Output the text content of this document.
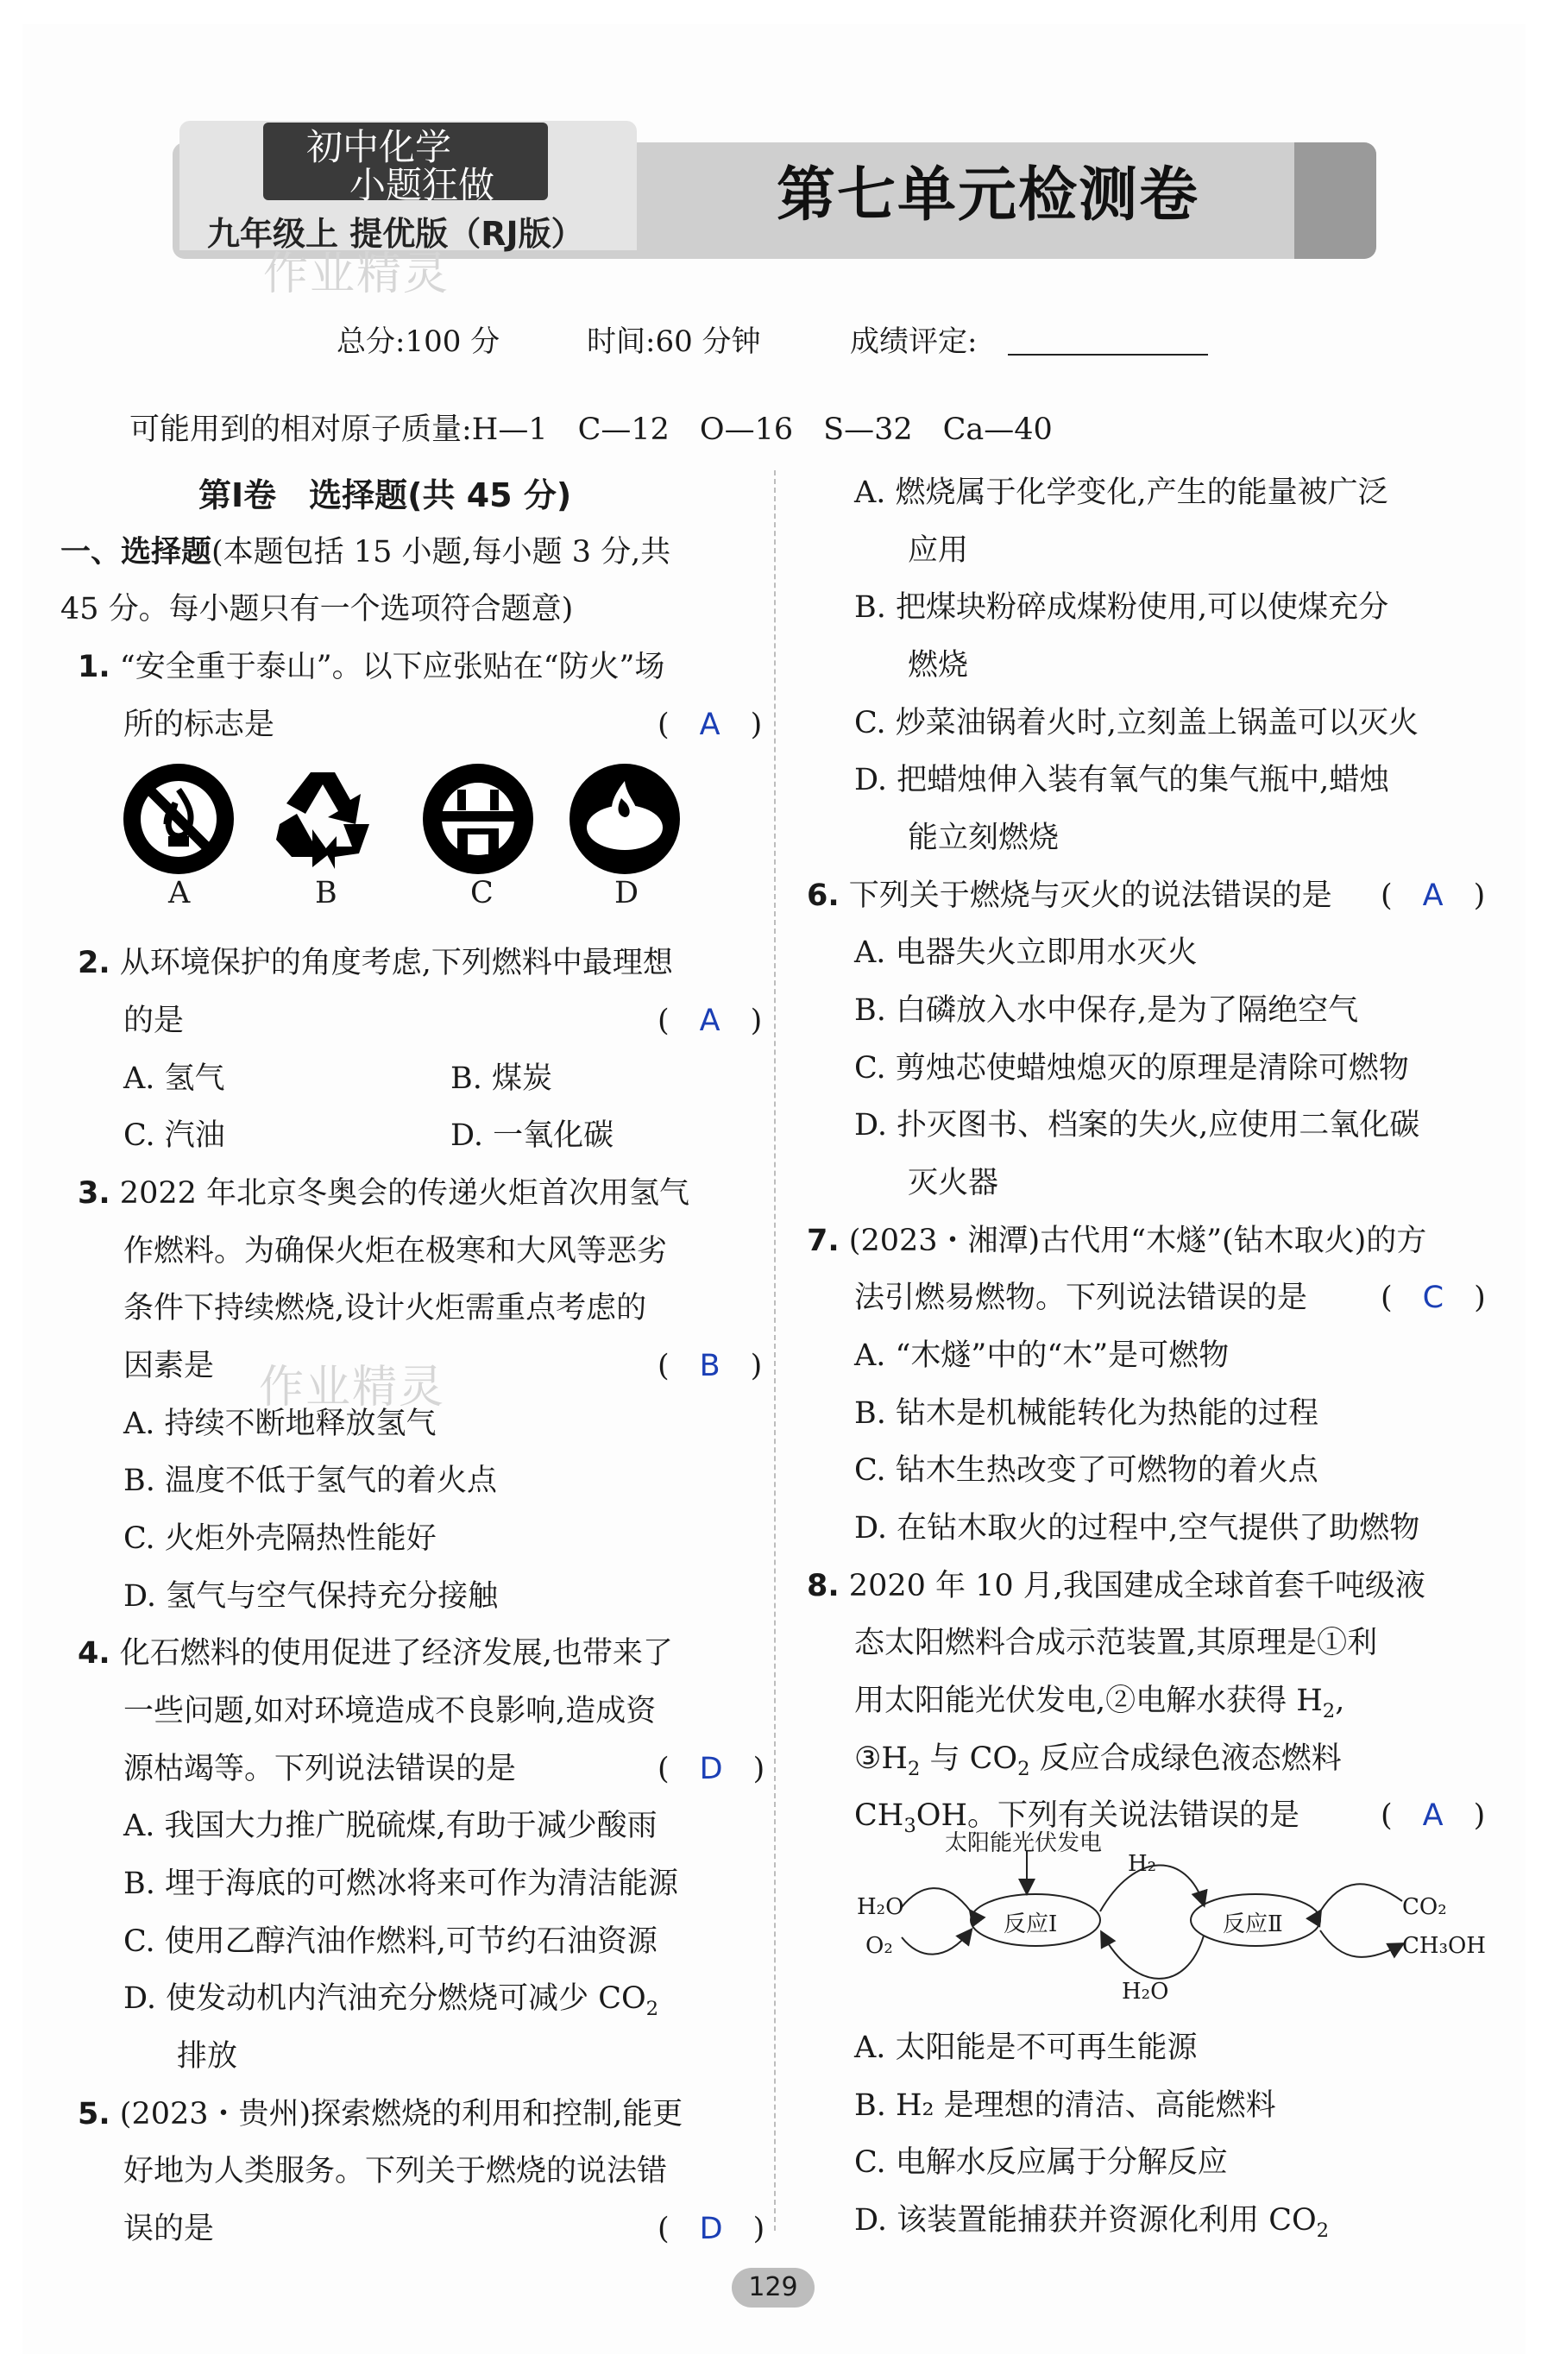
初中化学
小题狂做
九年级上 提优版（RJ版）
第七单元检测卷
作业精灵
总分:100 分	时间:60 分钟	成绩评定:
可能用到的相对原子质量:H—1　C—12　O—16　S—32　Ca—40
第Ⅰ卷　选择题(共 45 分)
一、选择题(本题包括 15 小题,每小题 3 分,共
45 分。每小题只有一个选项符合题意)
1. “安全重于泰山”。以下应张贴在“防火”场
所的标志是	(　A　)
A	B	C	D
2. 从环境保护的角度考虑,下列燃料中最理想
的是	(　A　)
A. 氢气	B. 煤炭
C. 汽油	D. 一氧化碳
3. 2022 年北京冬奥会的传递火炬首次用氢气
作燃料。为确保火炬在极寒和大风等恶劣
条件下持续燃烧,设计火炬需重点考虑的
因素是	(　B　)
作业精灵
A. 持续不断地释放氢气
B. 温度不低于氢气的着火点
C. 火炬外壳隔热性能好
D. 氢气与空气保持充分接触
4. 化石燃料的使用促进了经济发展,也带来了
一些问题,如对环境造成不良影响,造成资
源枯竭等。下列说法错误的是	(　D　)
A. 我国大力推广脱硫煤,有助于减少酸雨
B. 埋于海底的可燃冰将来可作为清洁能源
C. 使用乙醇汽油作燃料,可节约石油资源
D. 使发动机内汽油充分燃烧可减少 $CO_2$
排放
5. (2023・贵州)探索燃烧的利用和控制,能更
好地为人类服务。下列关于燃烧的说法错
误的是	(　D　)
A. 燃烧属于化学变化,产生的能量被广泛
应用
B. 把煤块粉碎成煤粉使用,可以使煤充分
燃烧
C. 炒菜油锅着火时,立刻盖上锅盖可以灭火
D. 把蜡烛伸入装有氧气的集气瓶中,蜡烛
能立刻燃烧
6. 下列关于燃烧与灭火的说法错误的是 (　A　)
A. 电器失火立即用水灭火
B. 白磷放入水中保存,是为了隔绝空气
C. 剪烛芯使蜡烛熄灭的原理是清除可燃物
D. 扑灭图书、档案的失火,应使用二氧化碳
灭火器
7. (2023・湘潭)古代用“木燧”(钻木取火)的方
法引燃易燃物。下列说法错误的是 (　C　)
A. “木燧”中的“木”是可燃物
B. 钻木是机械能转化为热能的过程
C. 钻木生热改变了可燃物的着火点
D. 在钻木取火的过程中,空气提供了助燃物
8. 2020 年 10 月,我国建成全球首套千吨级液
态太阳燃料合成示范装置,其原理是①利
用太阳能光伏发电,②电解水获得 $H_2$,
$③H_2$ 与 $CO_2$ 反应合成绿色液态燃料
$CH_3OH$。下列有关说法错误的是	(　A　)
太阳能光伏发电
H₂
H₂O
O₂
反应Ⅰ	反应Ⅱ
CO₂
CH₃OH
H₂O
A. 太阳能是不可再生能源
B. H₂ 是理想的清洁、高能燃料
C. 电解水反应属于分解反应
D. 该装置能捕获并资源化利用 $CO_2$
129
